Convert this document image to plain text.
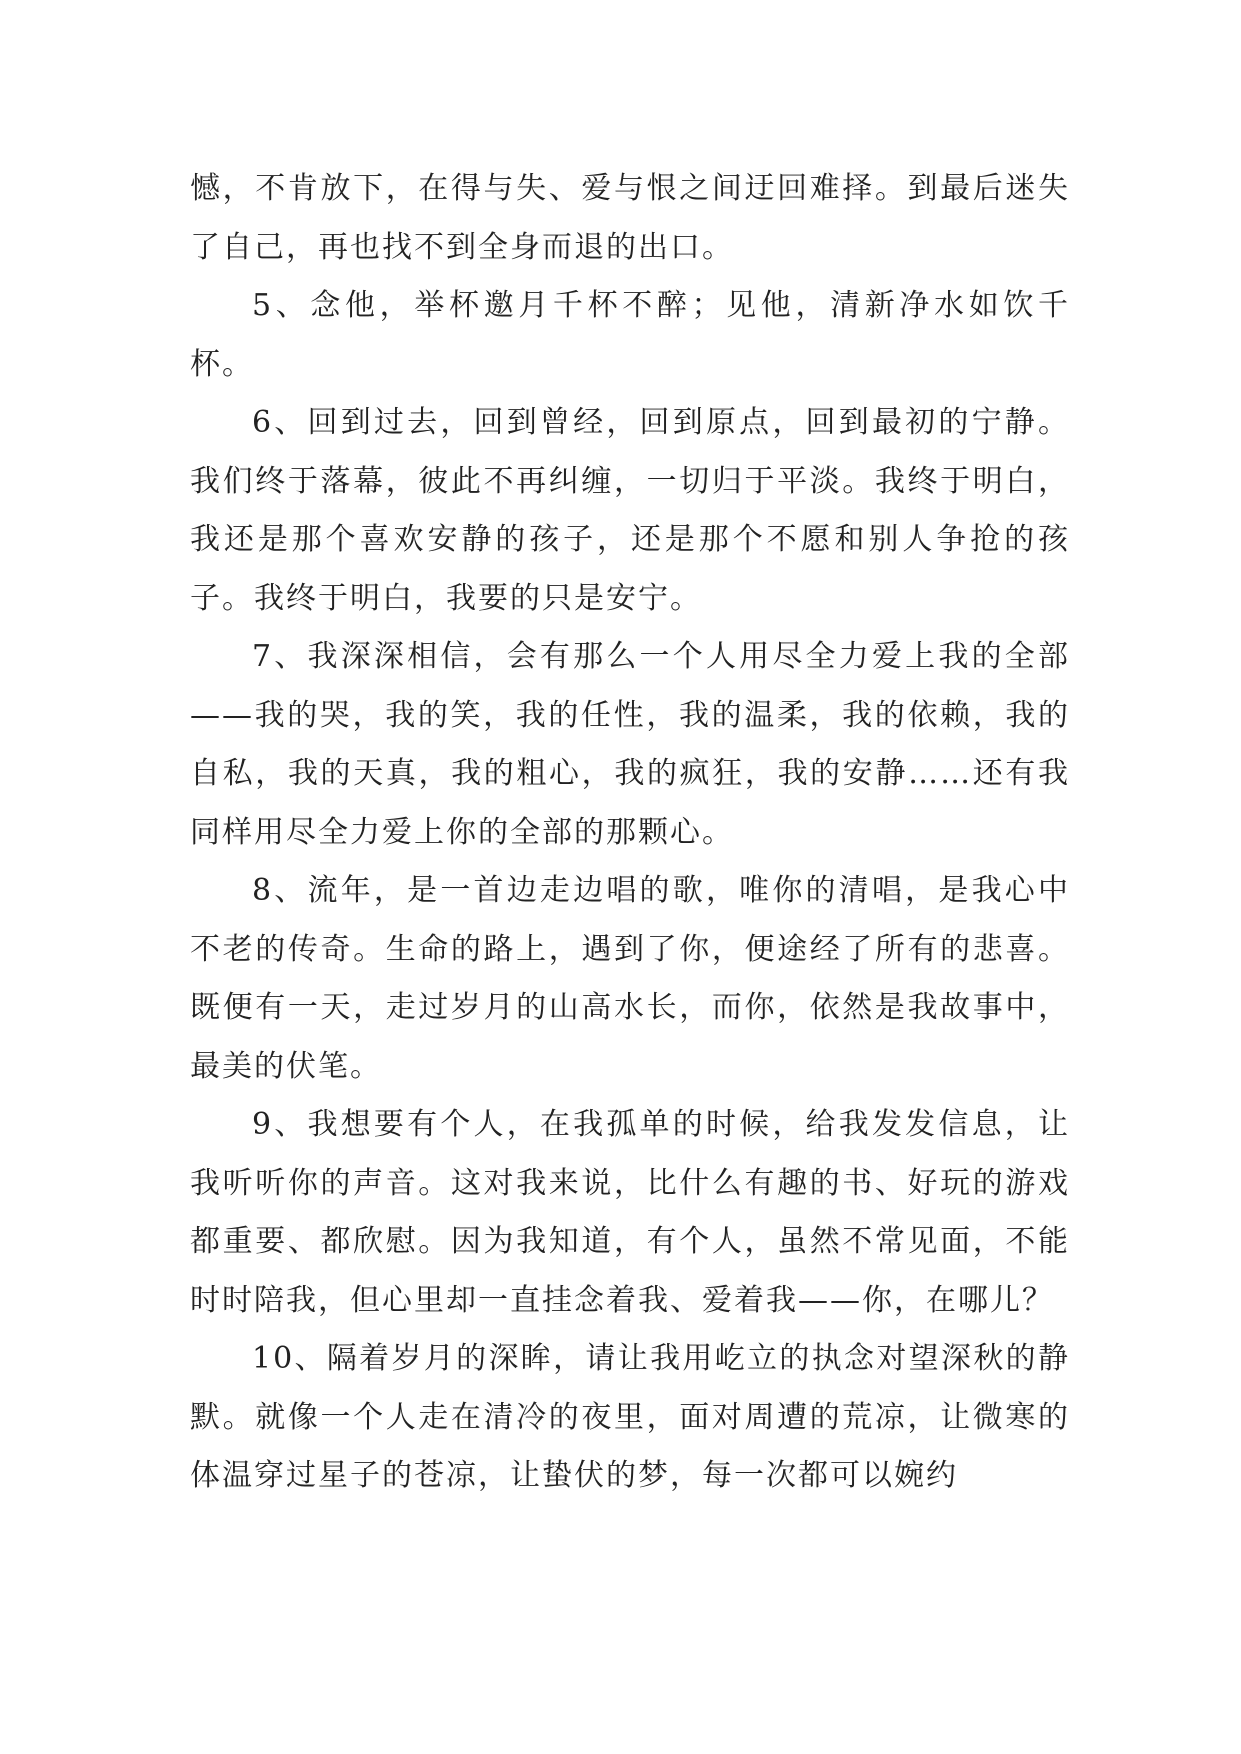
憾，不肯放下，在得与失、爱与恨之间迂回难择。到最后迷失了自己，再也找不到全身而退的出口。

5、念他，举杯邀月千杯不醉；见他，清新净水如饮千杯。

6、回到过去，回到曾经，回到原点，回到最初的宁静。我们终于落幕，彼此不再纠缠，一切归于平淡。我终于明白，我还是那个喜欢安静的孩子，还是那个不愿和别人争抢的孩子。我终于明白，我要的只是安宁。

7、我深深相信，会有那么一个人用尽全力爱上我的全部——我的哭，我的笑，我的任性，我的温柔，我的依赖，我的自私，我的天真，我的粗心，我的疯狂，我的安静……还有我同样用尽全力爱上你的全部的那颗心。

8、流年，是一首边走边唱的歌，唯你的清唱，是我心中不老的传奇。生命的路上，遇到了你，便途经了所有的悲喜。既便有一天，走过岁月的山高水长，而你，依然是我故事中，最美的伏笔。

9、我想要有个人，在我孤单的时候，给我发发信息，让我听听你的声音。这对我来说，比什么有趣的书、好玩的游戏都重要、都欣慰。因为我知道，有个人，虽然不常见面，不能时时陪我，但心里却一直挂念着我、爱着我——你，在哪儿？

10、隔着岁月的深眸，请让我用屹立的执念对望深秋的静默。就像一个人走在清冷的夜里，面对周遭的荒凉，让微寒的体温穿过星子的苍凉，让蛰伏的梦，每一次都可以婉约
